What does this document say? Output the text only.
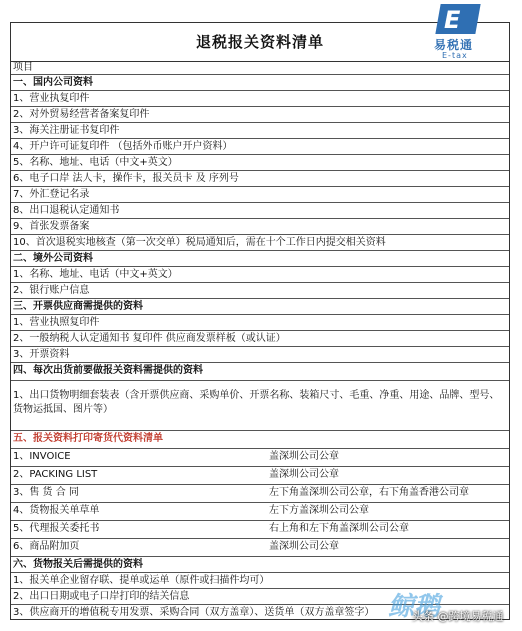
退税报关资料清单
项目
一、国内公司资料
1、营业执复印件
2、对外贸易经营者备案复印件
3、海关注册证书复印件
4、开户许可证复印件 （包括外币账户开户资料）
5、名称、地址、电话（中文+英文）
6、电子口岸 法人卡，操作卡，报关员卡 及 序列号
7、外汇登记名录
8、出口退税认定通知书
9、首张发票备案
10、首次退税实地核查（第一次交单）税局通知后，需在十个工作日内提交相关资料
二、境外公司资料
1、名称、地址、电话（中文+英文）
2、银行账户信息
三、开票供应商需提供的资料
1、营业执照复印件
2、一般纳税人认定通知书 复印件 供应商发票样板（或认证）
3、开票资料
四、每次出货前要做报关资料需提供的资料
1、出口货物明细套装表（含开票供应商、采购单价、开票名称、装箱尺寸、毛重、净重、用途、品牌、型号、货物运抵国、图片等）
五、报关资料打印寄货代资料清单
1、INVOICE	盖深圳公司公章
2、PACKING LIST	盖深圳公司公章
3、售 货 合 同	左下角盖深圳公司公章，右下角盖香港公司章
4、货物报关单草单	左下方盖深圳公司公章
5、代理报关委托书	右上角和左下角盖深圳公司公章
6、商品附加页	盖深圳公司公章
六、货物报关后需提供的资料
1、报关单企业留存联、提单或运单（原件或扫描件均可）
2、出口日期或电子口岸打印的结关信息
3、供应商开的增值税专用发票、采购合同（双方盖章）、送货单（双方盖章签字）
E
易税通
E-tax
鲸鹅
头条 @跨境易税通
